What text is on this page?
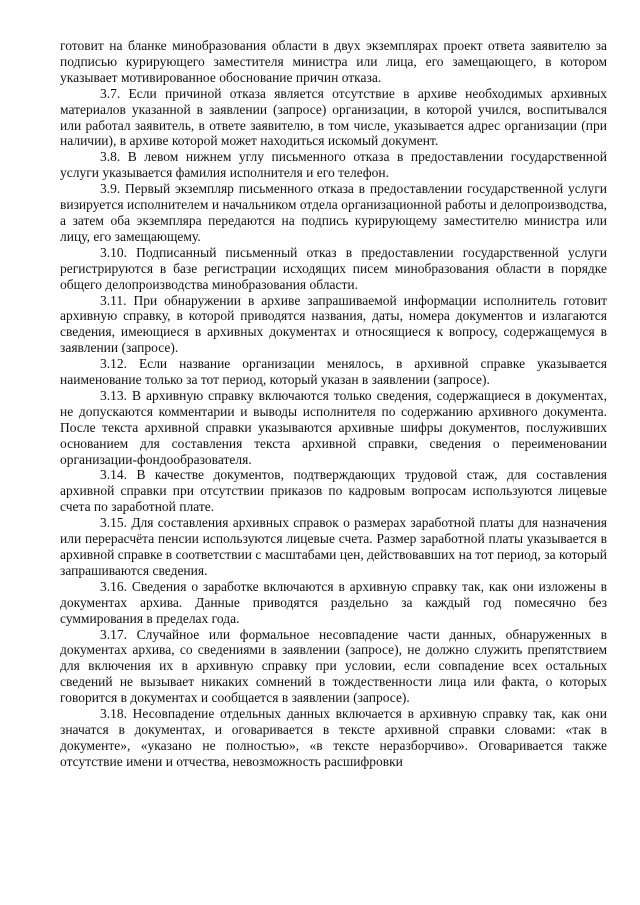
готовит на бланке минобразования области в двух экземплярах проект ответа заявителю за подписью курирующего заместителя министра или лица, его замещающего, в котором указывает мотивированное обоснование причин отказа.

3.7. Если причиной отказа является отсутствие в архиве необходимых архивных материалов указанной в заявлении (запросе) организации, в которой учился, воспитывался или работал заявитель, в ответе заявителю, в том числе, указывается адрес организации (при наличии), в архиве которой может находиться искомый документ.

3.8. В левом нижнем углу письменного отказа в предоставлении государственной услуги указывается фамилия исполнителя и его телефон.

3.9. Первый экземпляр письменного отказа в предоставлении государственной услуги визируется исполнителем и начальником отдела организационной работы и делопроизводства, а затем оба экземпляра передаются на подпись курирующему заместителю министра или лицу, его замещающему.

3.10. Подписанный письменный отказ в предоставлении государственной услуги регистрируются в базе регистрации исходящих писем минобразования области в порядке общего делопроизводства минобразования области.

3.11. При обнаружении в архиве запрашиваемой информации исполнитель готовит архивную справку, в которой приводятся названия, даты, номера документов и излагаются сведения, имеющиеся в архивных документах и относящиеся к вопросу, содержащемуся в заявлении (запросе).

3.12. Если название организации менялось, в архивной справке указывается наименование только за тот период, который указан в заявлении (запросе).

3.13. В архивную справку включаются только сведения, содержащиеся в документах, не допускаются комментарии и выводы исполнителя по содержанию архивного документа. После текста архивной справки указываются архивные шифры документов, послуживших основанием для составления текста архивной справки, сведения о переименовании организации-фондообразователя.

3.14. В качестве документов, подтверждающих трудовой стаж, для составления архивной справки при отсутствии приказов по кадровым вопросам используются лицевые счета по заработной плате.

3.15. Для составления архивных справок о размерах заработной платы для назначения или перерасчёта пенсии используются лицевые счета. Размер заработной платы указывается в архивной справке в соответствии с масштабами цен, действовавших на тот период, за который запрашиваются сведения.

3.16. Сведения о заработке включаются в архивную справку так, как они изложены в документах архива. Данные приводятся раздельно за каждый год помесячно без суммирования в пределах года.

3.17. Случайное или формальное несовпадение части данных, обнаруженных в документах архива, со сведениями в заявлении (запросе), не должно служить препятствием для включения их в архивную справку при условии, если совпадение всех остальных сведений не вызывает никаких сомнений в тождественности лица или факта, о которых говорится в документах и сообщается в заявлении (запросе).

3.18. Несовпадение отдельных данных включается в архивную справку так, как они значатся в документах, и оговаривается в тексте архивной справки словами: «так в документе», «указано не полностью», «в тексте неразборчиво». Оговаривается также отсутствие имени и отчества, невозможность расшифровки
